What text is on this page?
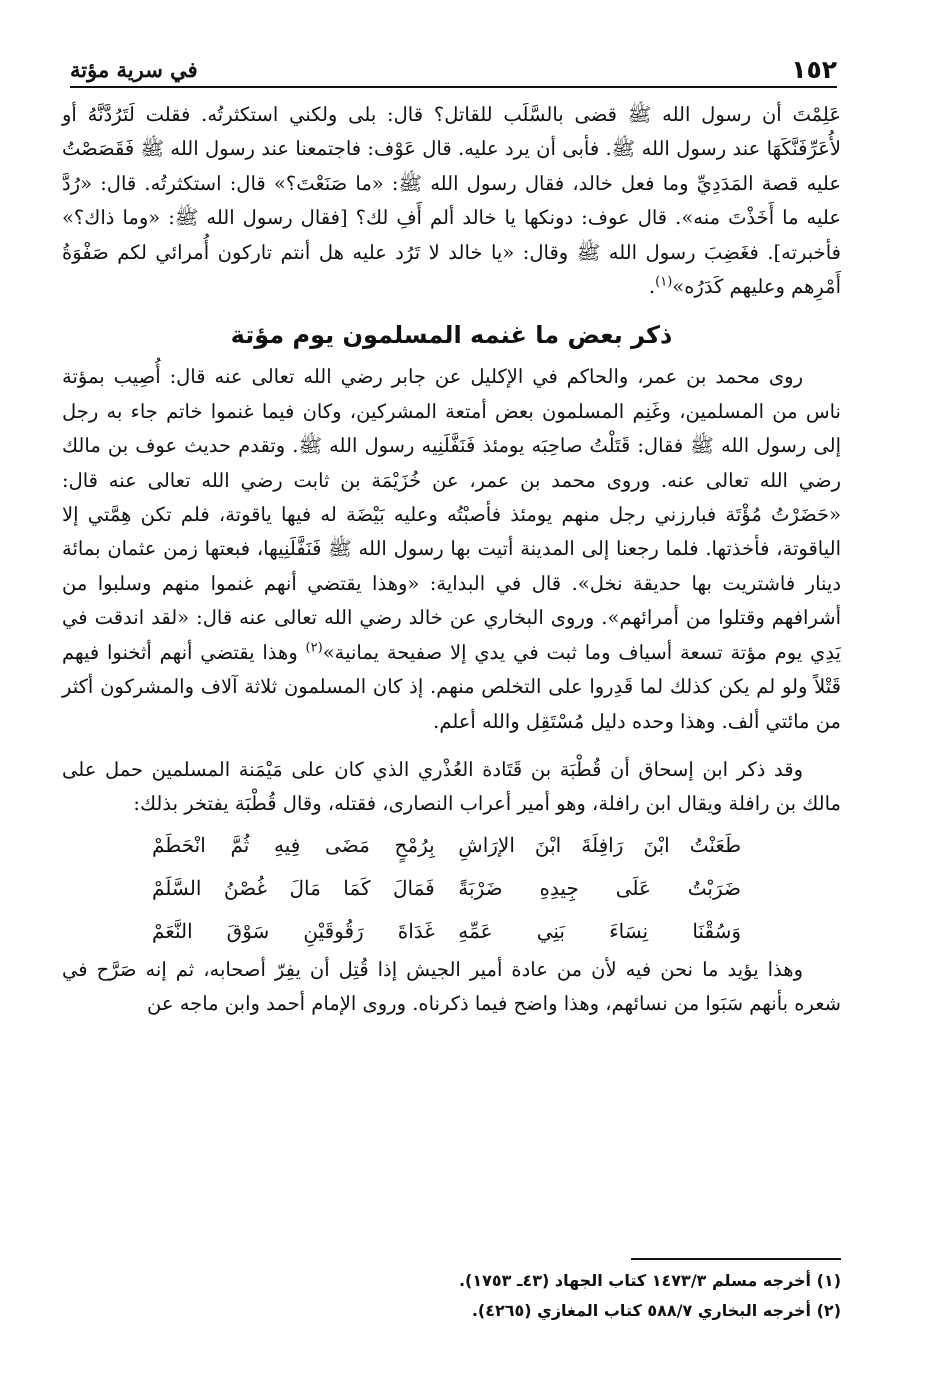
١٥٢
في سرية مؤتة

عَلِمْتَ أن رسول الله ﷺ قضى بالسَّلَب للقاتل؟ قال: بلى ولكني استكثرتُه. فقلت لَتَرُدَّنَّهُ أو لأُعَرِّفَنَّكَهَا عند رسول الله ﷺ. فأبى أن يرد عليه. قال عَوْف: فاجتمعنا عند رسول الله ﷺ فَقَصَصْتُ عليه قصة المَدَدِيِّ وما فعل خالد، فقال رسول الله ﷺ: «ما صَنَعْتَ؟» قال: استكثرتُه. قال: «رُدَّ عليه ما أَخَذْتَ منه». قال عوف: دونكها يا خالد ألم أَفِ لك؟ [فقال رسول الله ﷺ: «وما ذاك؟» فأخبرته]. فغَضِبَ رسول الله ﷺ وقال: «يا خالد لا تَرُد عليه هل أنتم تاركون أُمرائي لكم صَفْوَةُ أَمْرِهم وعليهم كَدَرُه»$^{(١)}$.

ذكر بعض ما غنمه المسلمون يوم مؤتة

روى محمد بن عمر، والحاكم في الإكليل عن جابر رضي الله تعالى عنه قال: أُصِيب بمؤتة ناس من المسلمين، وغَنِم المسلمون بعض أمتعة المشركين، وكان فيما غنموا خاتم جاء به رجل إلى رسول الله ﷺ فقال: قَتَلْتُ صاحِبَه يومئذ فَنَفَّلَنِيه رسول الله ﷺ. وتقدم حديث عوف بن مالك رضي الله تعالى عنه. وروى محمد بن عمر، عن خُزَيْمَة بن ثابت رضي الله تعالى عنه قال: «حَضَرْتُ مُؤْتَة فبارزني رجل منهم يومئذ فأصبْتُه وعليه بَيْضَة له فيها ياقوتة، فلم تكن هِمَّتي إلا الياقوتة، فأخذتها. فلما رجعنا إلى المدينة أتيت بها رسول الله ﷺ فَنَفَّلَنِيها، فبعتها زمن عثمان بمائة دينار فاشتريت بها حديقة نخل». قال في البداية: «وهذا يقتضي أنهم غنموا منهم وسلبوا من أشرافهم وقتلوا من أمرائهم». وروى البخاري عن خالد رضي الله تعالى عنه قال: «لقد اندقت في يَدِي يوم مؤتة تسعة أسياف وما ثبت في يدي إلا صفيحة يمانية»$^{(٢)}$ وهذا يقتضي أنهم أثخنوا فيهم قَتْلاً ولو لم يكن كذلك لما قَدِروا على التخلص منهم. إذ كان المسلمون ثلاثة آلاف والمشركون أكثر من مائتي ألف. وهذا وحده دليل مُسْتَقِل والله أعلم.

وقد ذكر ابن إسحاق أن قُطْبَة بن قَتَادة العُذْري الذي كان على مَيْمَنة المسلمين حمل على مالك بن رافلة ويقال ابن رافلة، وهو أمير أعراب النصارى، فقتله، وقال قُطْبَة يفتخر بذلك:

طَعَنْتُ ابْنَ رَافِلَةَ ابْنَ الإرَاشِ
بِرُمْحٍ مَضَى فِيهِ ثُمَّ انْحَطَمْ
ضَرَبْتُ عَلَى جِيدِهِ ضَرْبَةً
فَمَالَ كَمَا مَالَ غُصْنُ السَّلَمْ
وَسُقْنَا نِسَاءَ بَنِي عَمِّهِ
غَدَاةَ رَقُوقَيْنِ سَوْقَ النَّعَمْ

وهذا يؤيد ما نحن فيه لأن من عادة أمير الجيش إذا قُتِل أن يفِرّ أصحابه، ثم إنه صَرَّح في شعره بأنهم سَبَوا من نسائهم، وهذا واضح فيما ذكرناه. وروى الإمام أحمد وابن ماجه عن

(١) أخرجه مسلم ١٤٧٣/٣ كتاب الجهاد (٤٣ـ ١٧٥٣).
(٢) أخرجه البخاري ٥٨٨/٧ كتاب المغازي (٤٢٦٥).
